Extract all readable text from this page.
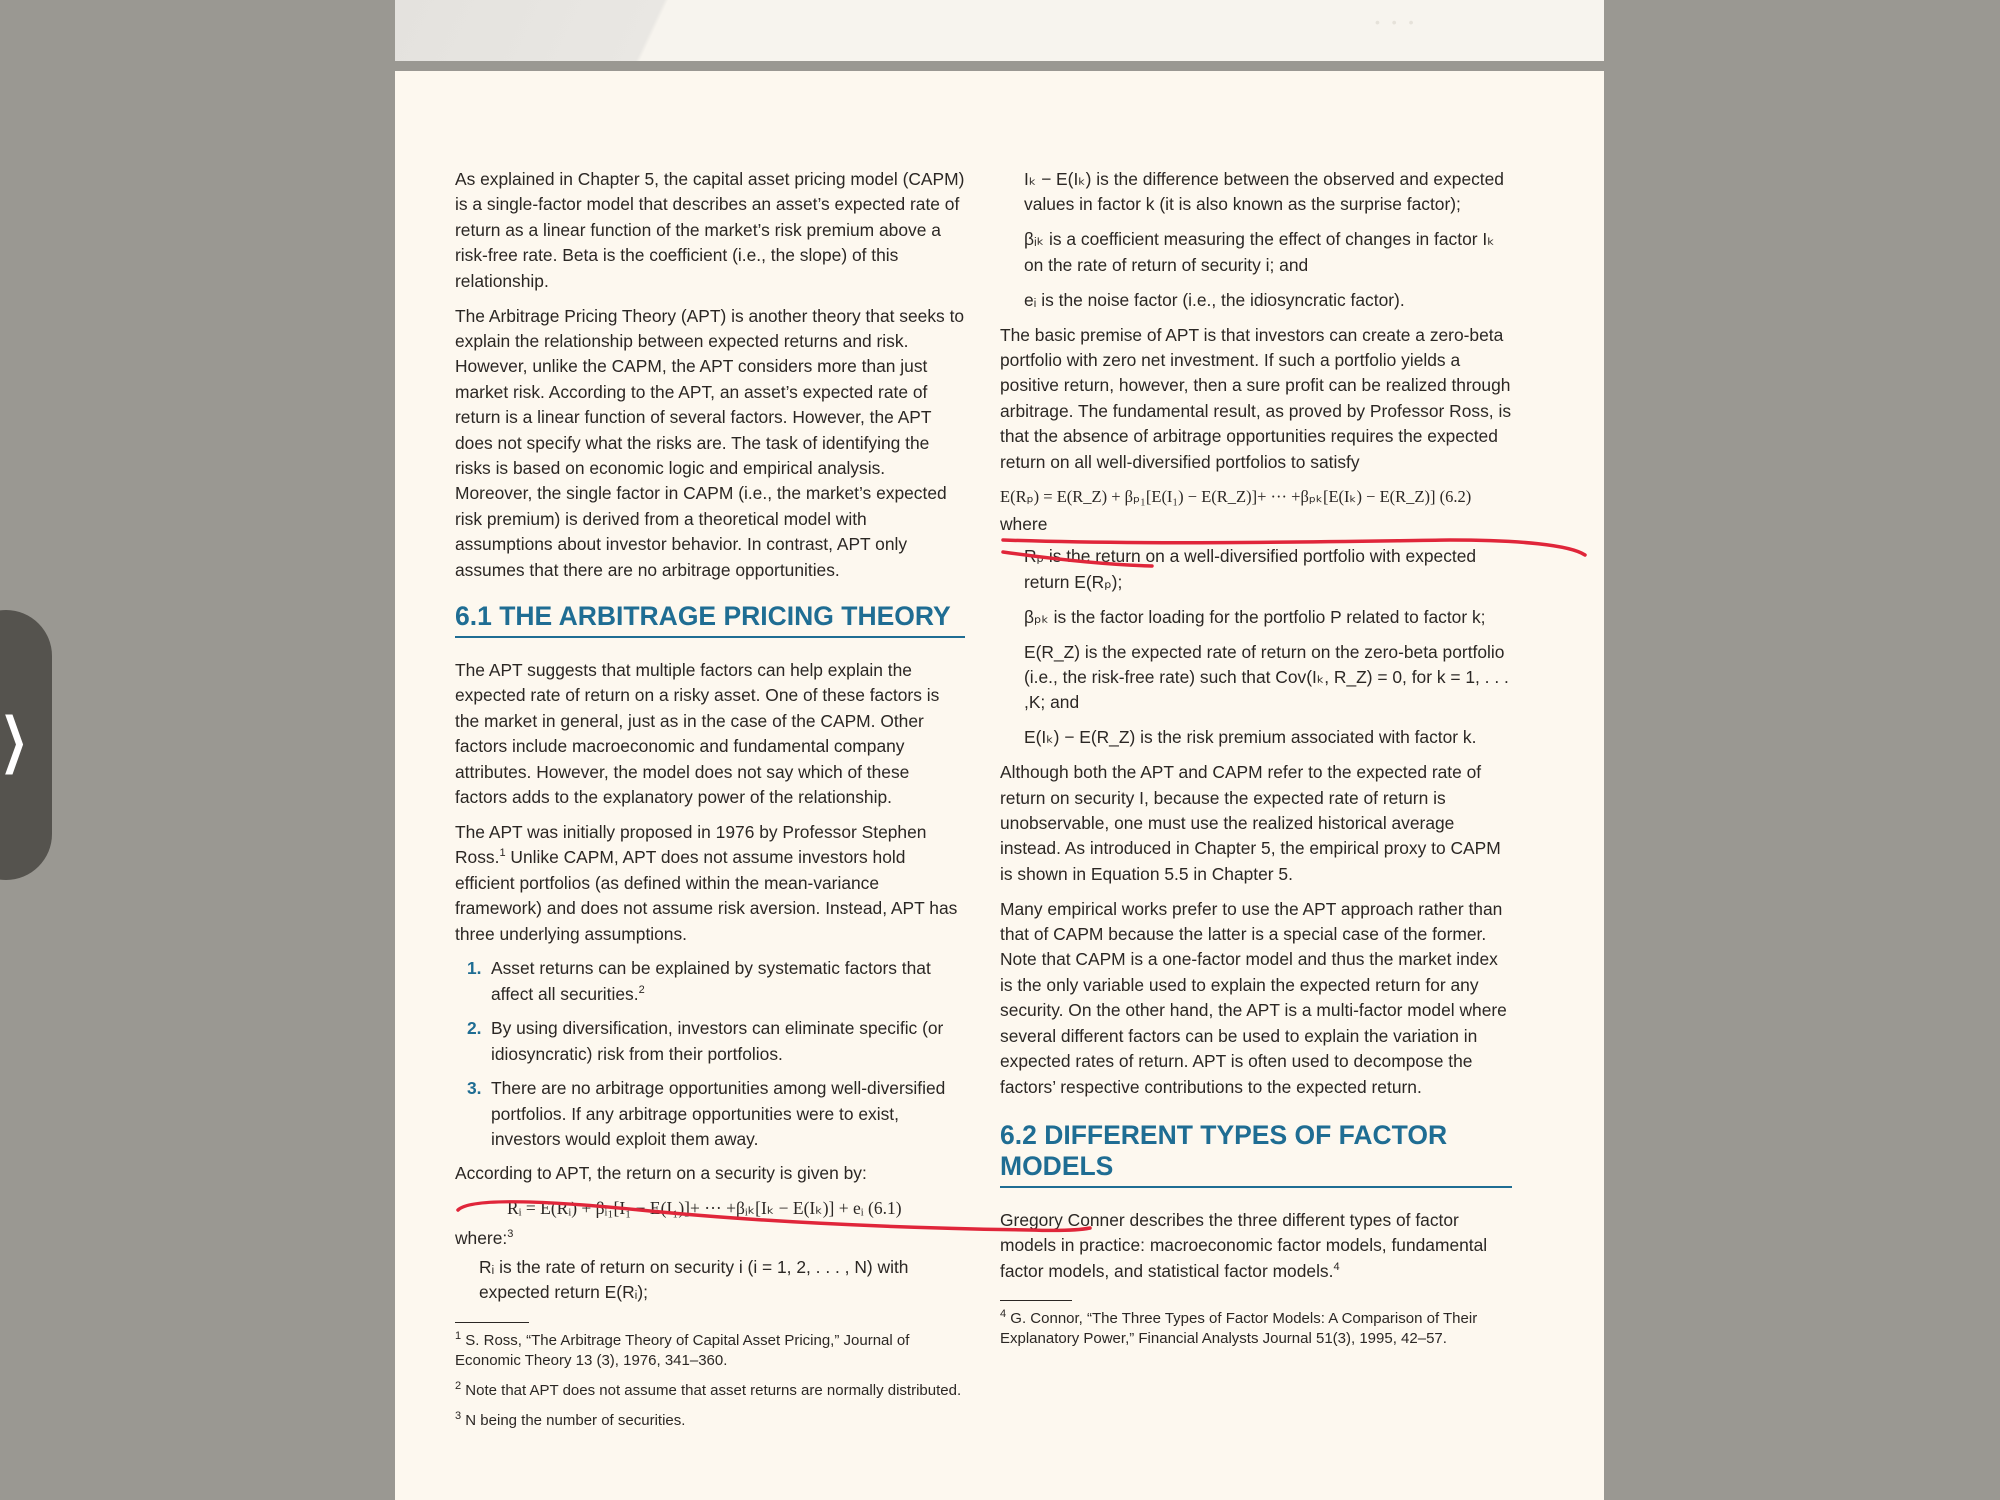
• • •
❯

As explained in Chapter 5, the capital asset pricing model (CAPM) is a single-factor model that describes an asset’s expected rate of return as a linear function of the market’s risk premium above a risk-free rate. Beta is the coefficient (i.e., the slope) of this relationship.

The Arbitrage Pricing Theory (APT) is another theory that seeks to explain the relationship between expected returns and risk. However, unlike the CAPM, the APT considers more than just market risk. According to the APT, an asset’s expected rate of return is a linear function of several factors. However, the APT does not specify what the risks are. The task of identifying the risks is based on economic logic and empirical analysis. Moreover, the single factor in CAPM (i.e., the market’s expected risk premium) is derived from a theoretical model with assumptions about investor behavior. In contrast, APT only assumes that there are no arbitrage opportunities.

6.1 THE ARBITRAGE PRICING THEORY

The APT suggests that multiple factors can help explain the expected rate of return on a risky asset. One of these factors is the market in general, just as in the case of the CAPM. Other factors include macroeconomic and fundamental company attributes. However, the model does not say which of these factors adds to the explanatory power of the relationship.

The APT was initially proposed in 1976 by Professor Stephen Ross.$^1$ Unlike CAPM, APT does not assume investors hold efficient portfolios (as defined within the mean-variance framework) and does not assume risk aversion. Instead, APT has three underlying assumptions.

1. Asset returns can be explained by systematic factors that affect all securities.$^2$
2. By using diversification, investors can eliminate specific (or idiosyncratic) risk from their portfolios.
3. There are no arbitrage opportunities among well-diversified portfolios. If any arbitrage opportunities were to exist, investors would exploit them away.

According to APT, the return on a security is given by:

Rᵢ = E(Rᵢ) + βᵢ₁[I₁ − E(I₁)]+ ··· +βᵢₖ[Iₖ − E(Iₖ)] + eᵢ (6.1)

where:$^3$

Rᵢ is the rate of return on security i (i = 1, 2, . . . , N) with expected return E(Rᵢ);

$^1$ S. Ross, “The Arbitrage Theory of Capital Asset Pricing,” Journal of Economic Theory 13 (3), 1976, 341–360.
$^2$ Note that APT does not assume that asset returns are normally distributed.
$^3$ N being the number of securities.

Iₖ − E(Iₖ) is the difference between the observed and expected values in factor k (it is also known as the surprise factor);

βᵢₖ is a coefficient measuring the effect of changes in factor Iₖ on the rate of return of security i; and

eᵢ is the noise factor (i.e., the idiosyncratic factor).

The basic premise of APT is that investors can create a zero-beta portfolio with zero net investment. If such a portfolio yields a positive return, however, then a sure profit can be realized through arbitrage. The fundamental result, as proved by Professor Ross, is that the absence of arbitrage opportunities requires the expected return on all well-diversified portfolios to satisfy

E(Rₚ) = E(R_Z) + βₚ₁[E(I₁) − E(R_Z)]+ ··· +βₚₖ[E(Iₖ) − E(R_Z)] (6.2)

where

Rₚ is the return on a well-diversified portfolio with expected return E(Rₚ);

βₚₖ is the factor loading for the portfolio P related to factor k;

E(R_Z) is the expected rate of return on the zero-beta portfolio (i.e., the risk-free rate) such that Cov(Iₖ, R_Z) = 0, for k = 1, . . . ,K; and

E(Iₖ) − E(R_Z) is the risk premium associated with factor k.

Although both the APT and CAPM refer to the expected rate of return on security I, because the expected rate of return is unobservable, one must use the realized historical average instead. As introduced in Chapter 5, the empirical proxy to CAPM is shown in Equation 5.5 in Chapter 5.

Many empirical works prefer to use the APT approach rather than that of CAPM because the latter is a special case of the former. Note that CAPM is a one-factor model and thus the market index is the only variable used to explain the expected return for any security. On the other hand, the APT is a multi-factor model where several different factors can be used to explain the variation in expected rates of return. APT is often used to decompose the factors’ respective contributions to the expected return.

6.2 DIFFERENT TYPES OF FACTOR MODELS

Gregory Conner describes the three different types of factor models in practice: macroeconomic factor models, fundamental factor models, and statistical factor models.$^4$

$^4$ G. Connor, “The Three Types of Factor Models: A Comparison of Their Explanatory Power,” Financial Analysts Journal 51(3), 1995, 42–57.
